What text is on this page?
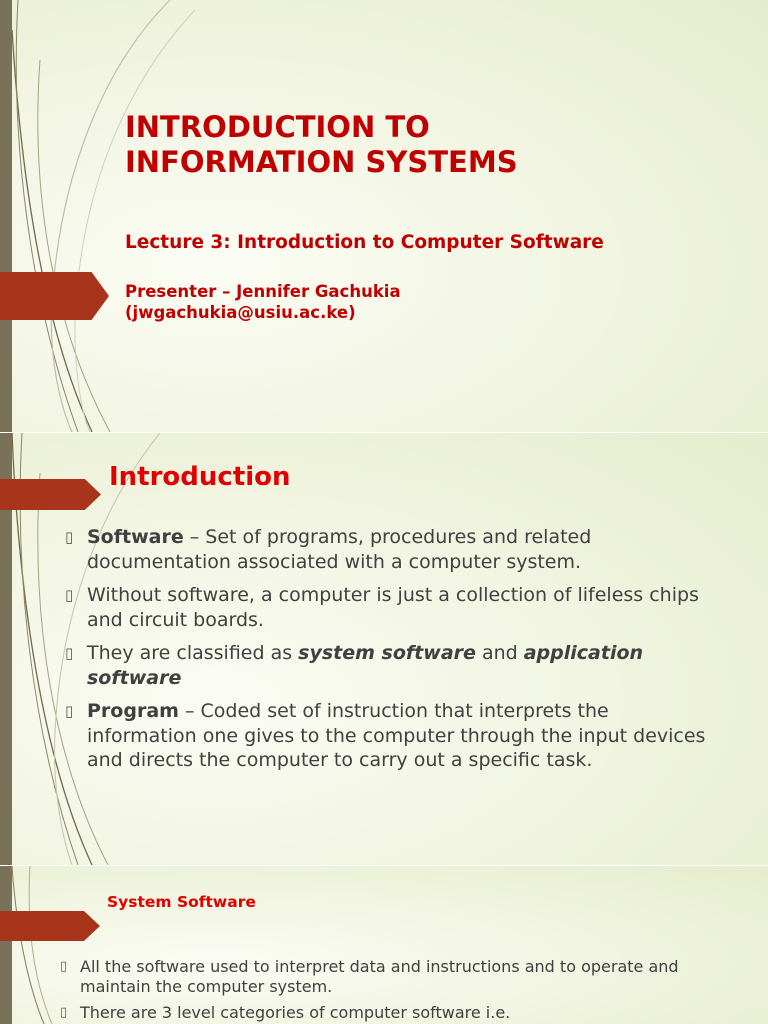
INTRODUCTION TO
INFORMATION SYSTEMS
Lecture 3: Introduction to Computer Software
Presenter – Jennifer Gachukia
(jwgachukia@usiu.ac.ke)
Introduction
▯ Software – Set of programs, procedures and related documentation associated with a computer system.
▯ Without software, a computer is just a collection of lifeless chips and circuit boards.
▯ They are classified as system software and application software
▯ Program – Coded set of instruction that interprets the information one gives to the computer through the input devices and directs the computer to carry out a specific task.
System Software
▯ All the software used to interpret data and instructions and to operate and maintain the computer system.
▯ There are 3 level categories of computer software i.e.
